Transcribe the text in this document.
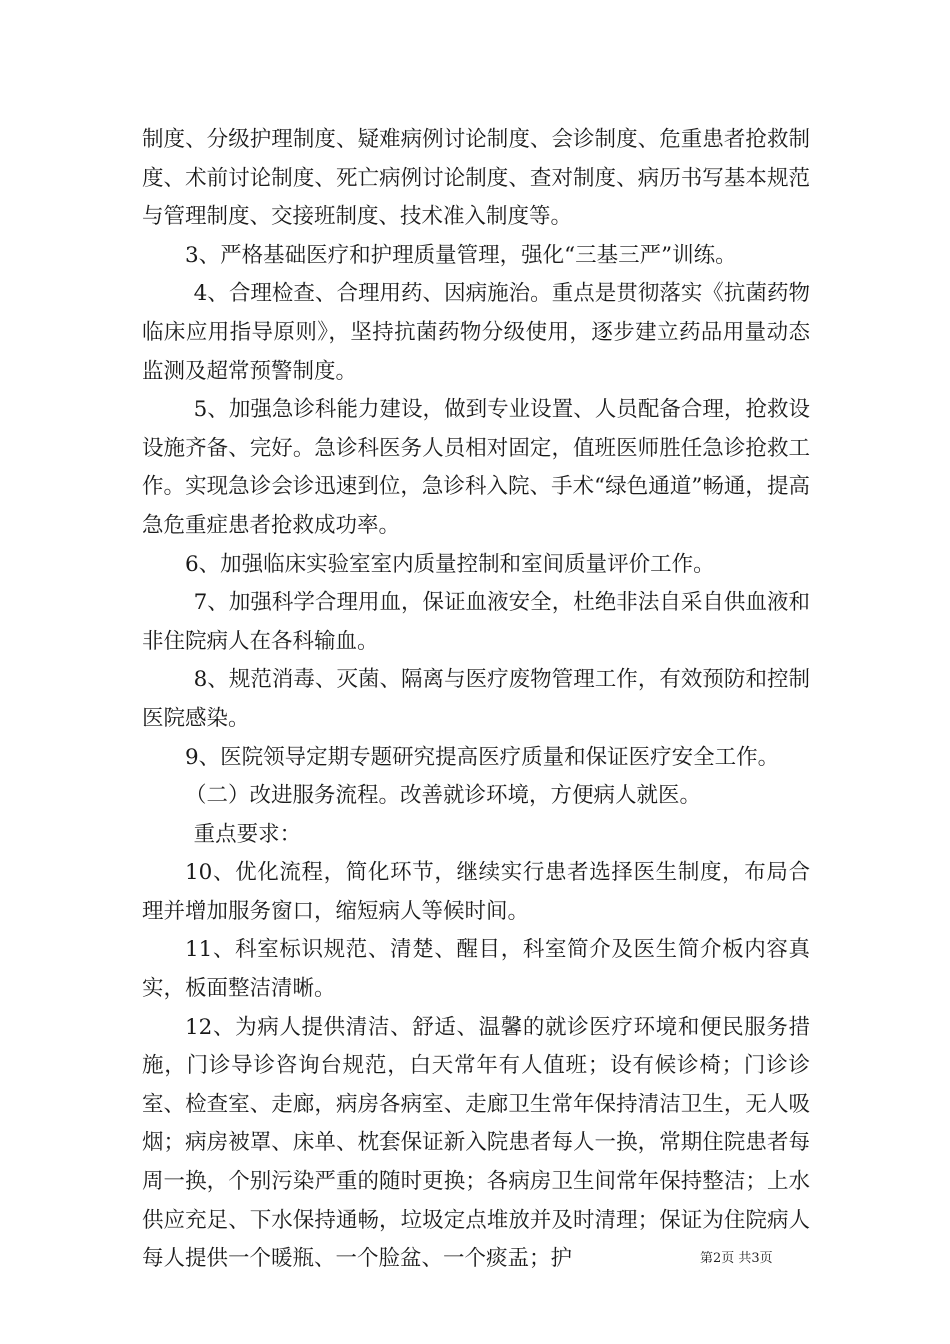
制度、分级护理制度、疑难病例讨论制度、会诊制度、危重患者抢救制度、术前讨论制度、死亡病例讨论制度、查对制度、病历书写基本规范与管理制度、交接班制度、技术准入制度等。

3、严格基础医疗和护理质量管理，强化“三基三严”训练。

4、合理检查、合理用药、因病施治。重点是贯彻落实《抗菌药物临床应用指导原则》，坚持抗菌药物分级使用，逐步建立药品用量动态监测及超常预警制度。

5、加强急诊科能力建设，做到专业设置、人员配备合理，抢救设设施齐备、完好。急诊科医务人员相对固定，值班医师胜任急诊抢救工作。实现急诊会诊迅速到位，急诊科入院、手术“绿色通道”畅通，提高急危重症患者抢救成功率。

6、加强临床实验室室内质量控制和室间质量评价工作。

7、加强科学合理用血，保证血液安全，杜绝非法自采自供血液和非住院病人在各科输血。

8、规范消毒、灭菌、隔离与医疗废物管理工作，有效预防和控制医院感染。

9、医院领导定期专题研究提高医疗质量和保证医疗安全工作。

（二）改进服务流程。改善就诊环境，方便病人就医。

重点要求：

10、优化流程，简化环节，继续实行患者选择医生制度，布局合理并增加服务窗口，缩短病人等候时间。

11、科室标识规范、清楚、醒目，科室简介及医生简介板内容真实，板面整洁清晰。

12、为病人提供清洁、舒适、温馨的就诊医疗环境和便民服务措施，门诊导诊咨询台规范，白天常年有人值班；设有候诊椅；门诊诊室、检查室、走廊，病房各病室、走廊卫生常年保持清洁卫生，无人吸烟；病房被罩、床单、枕套保证新入院患者每人一换，常期住院患者每周一换，个别污染严重的随时更换；各病房卫生间常年保持整洁；上水供应充足、下水保持通畅，垃圾定点堆放并及时清理；保证为住院病人每人提供一个暖瓶、一个脸盆、一个痰盂；护	第2页 共3页
